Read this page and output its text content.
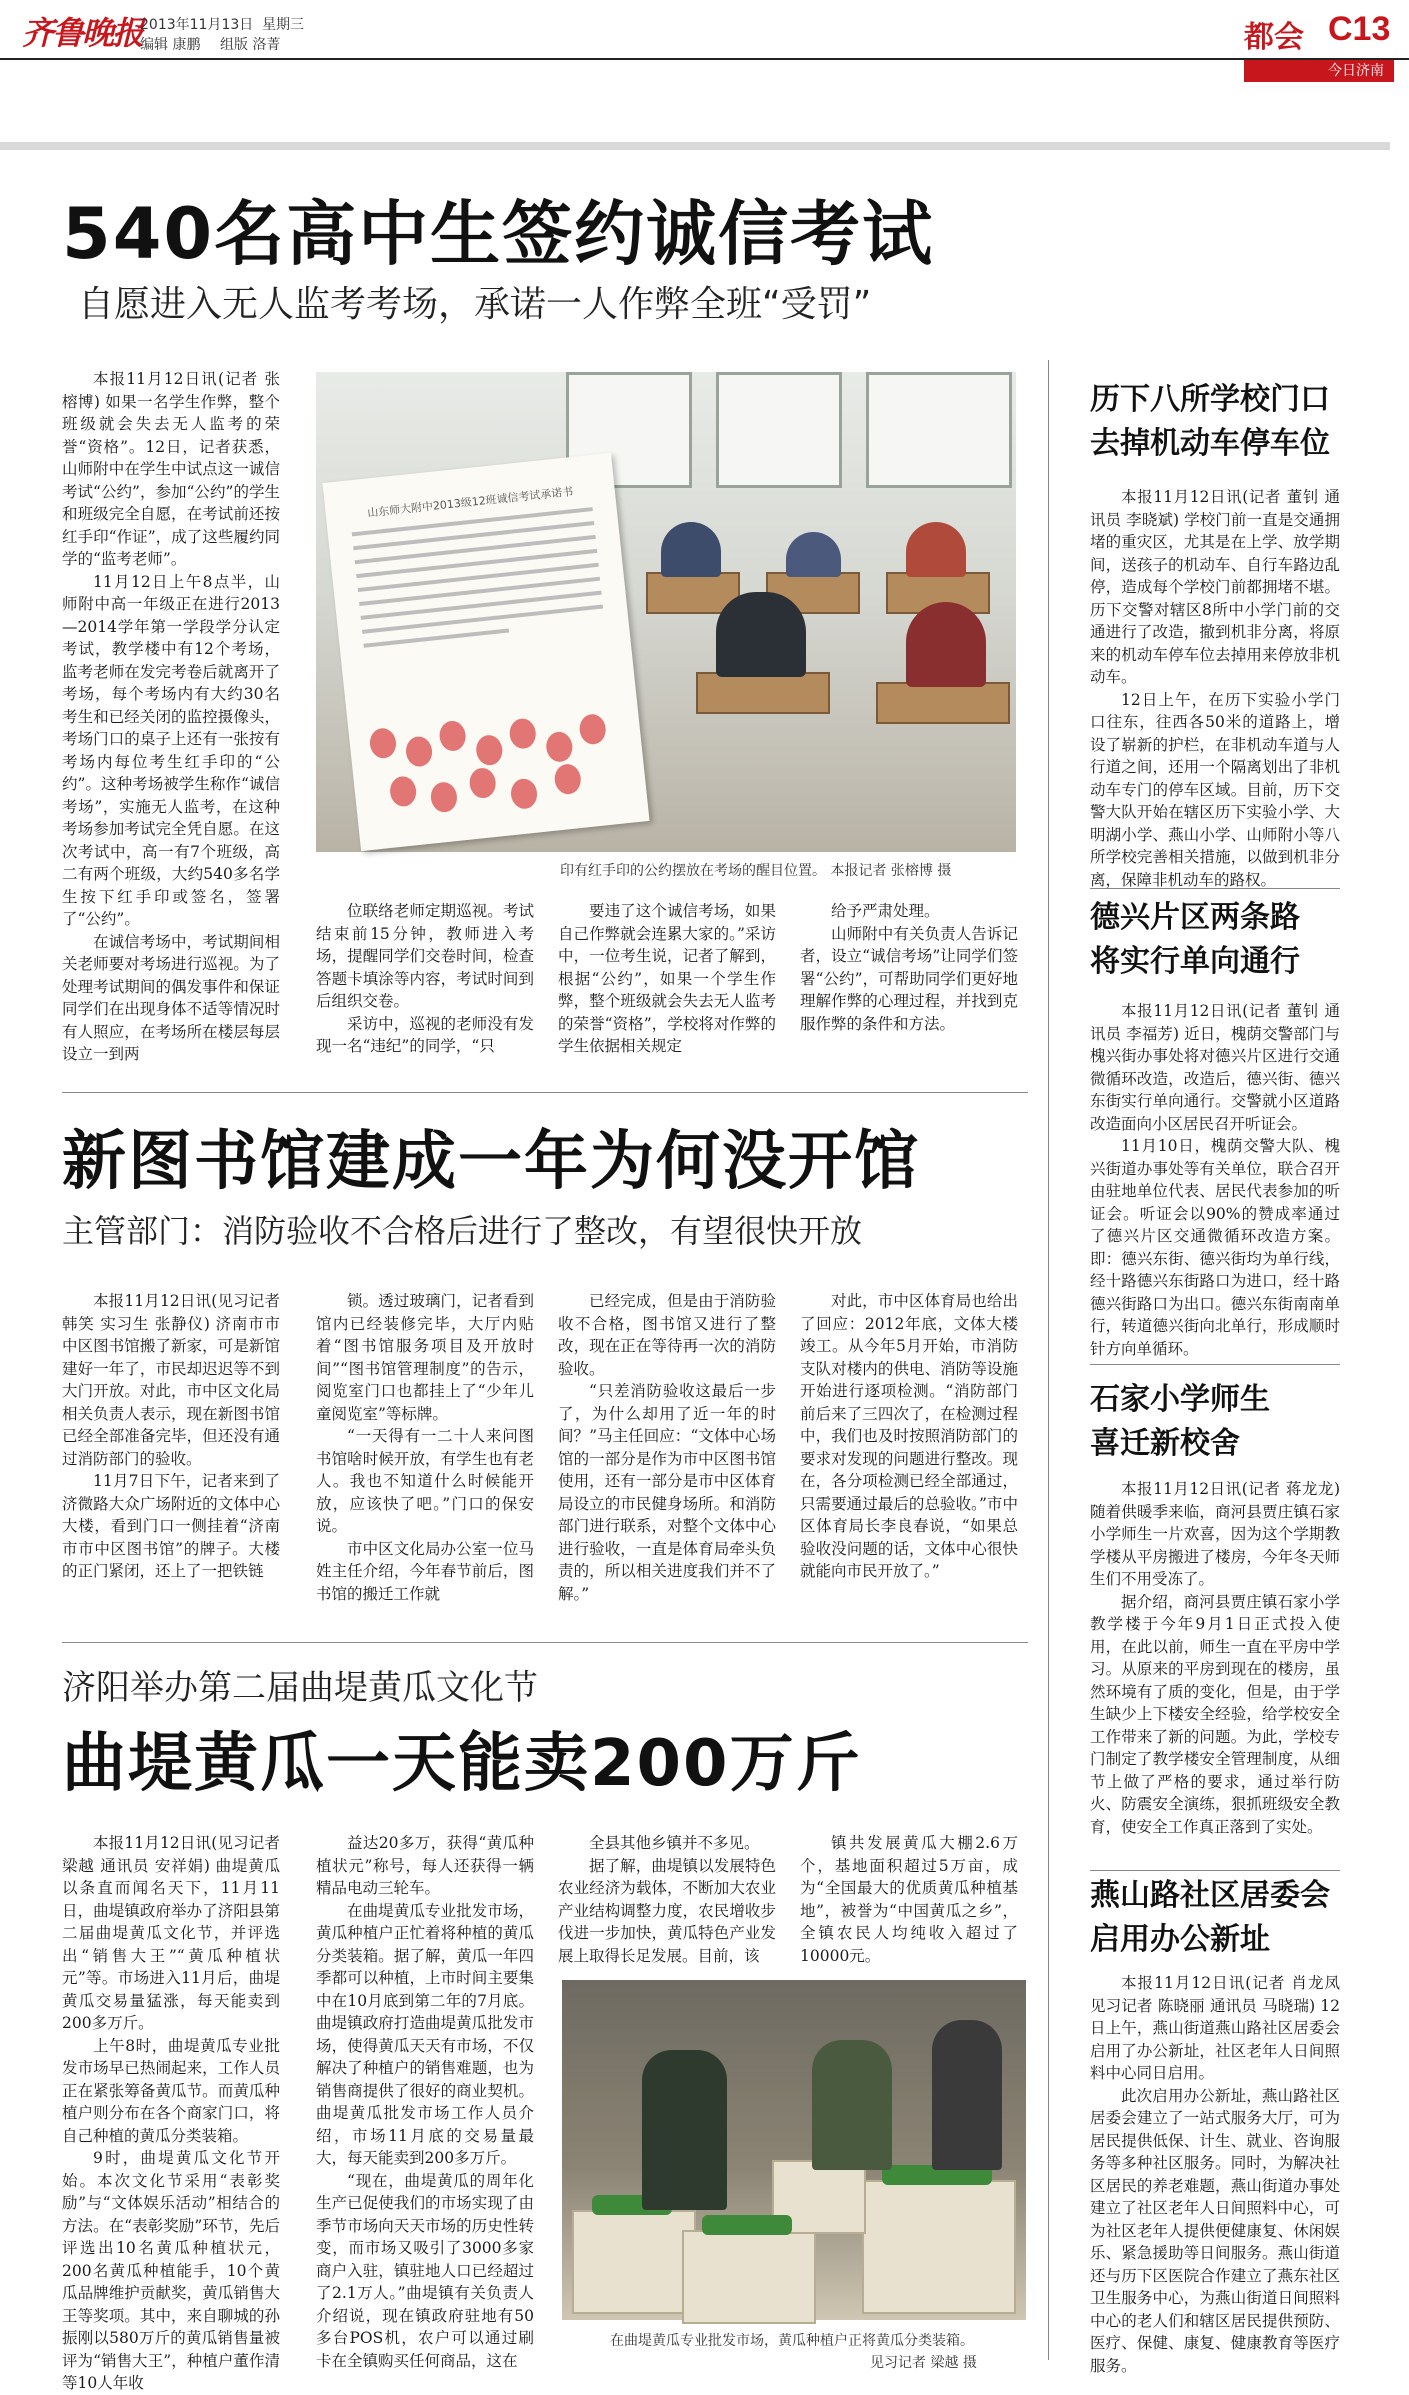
齐鲁晚报
2013年11月13日 星期三
编辑 康鹏 组版 洛菁	都会 C13
今日济南
540名高中生签约诚信考试
自愿进入无人监考考场，承诺一人作弊全班“受罚”

本报11月12日讯(记者 张榕博) 如果一名学生作弊，整个班级就会失去无人监考的荣誉“资格”。12日，记者获悉，山师附中在学生中试点这一诚信考试“公约”，参加“公约”的学生和班级完全自愿，在考试前还按红手印“作证”，成了这些履约同学的“监考老师”。

11月12日上午8点半，山师附中高一年级正在进行2013—2014学年第一学段学分认定考试，教学楼中有12个考场，监考老师在发完考卷后就离开了考场，每个考场内有大约30名考生和已经关闭的监控摄像头，考场门口的桌子上还有一张按有考场内每位考生红手印的“公约”。这种考场被学生称作“诚信考场”，实施无人监考，在这种考场参加考试完全凭自愿。在这次考试中，高一有7个班级，高二有两个班级，大约540多名学生按下红手印或签名，签署了“公约”。

在诚信考场中，考试期间相关老师要对考场进行巡视。为了处理考试期间的偶发事件和保证同学们在出现身体不适等情况时有人照应，在考场所在楼层每层设立一到两

山东师大附中2013级12班诚信考试承诺书
印有红手印的公约摆放在考场的醒目位置。 本报记者 张榕博 摄

位联络老师定期巡视。考试结束前15分钟，教师进入考场，提醒同学们交卷时间，检查答题卡填涂等内容，考试时间到后组织交卷。

采访中，巡视的老师没有发现一名“违纪”的同学，“只

要违了这个诚信考场，如果自己作弊就会连累大家的。”采访中，一位考生说，记者了解到，根据“公约”，如果一个学生作弊，整个班级就会失去无人监考的荣誉“资格”，学校将对作弊的学生依据相关规定

给予严肃处理。

山师附中有关负责人告诉记者，设立“诚信考场”让同学们签署“公约”，可帮助同学们更好地理解作弊的心理过程，并找到克服作弊的条件和方法。

新图书馆建成一年为何没开馆
主管部门：消防验收不合格后进行了整改，有望很快开放

本报11月12日讯(见习记者 韩笑 实习生 张静仪) 济南市市中区图书馆搬了新家，可是新馆建好一年了，市民却迟迟等不到大门开放。对此，市中区文化局相关负责人表示，现在新图书馆已经全部准备完毕，但还没有通过消防部门的验收。

11月7日下午，记者来到了济微路大众广场附近的文体中心大楼，看到门口一侧挂着“济南市市中区图书馆”的牌子。大楼的正门紧闭，还上了一把铁链

锁。透过玻璃门，记者看到馆内已经装修完毕，大厅内贴着“图书馆服务项目及开放时间”“图书馆管理制度”的告示，阅览室门口也都挂上了“少年儿童阅览室”等标牌。

“一天得有一二十人来问图书馆啥时候开放，有学生也有老人。我也不知道什么时候能开放，应该快了吧。”门口的保安说。

市中区文化局办公室一位马姓主任介绍，今年春节前后，图书馆的搬迁工作就

已经完成，但是由于消防验收不合格，图书馆又进行了整改，现在正在等待再一次的消防验收。

“只差消防验收这最后一步了，为什么却用了近一年的时间？”马主任回应：“文体中心场馆的一部分是作为市中区图书馆使用，还有一部分是市中区体育局设立的市民健身场所。和消防部门进行联系，对整个文体中心进行验收，一直是体育局牵头负责的，所以相关进度我们并不了解。”

对此，市中区体育局也给出了回应：2012年底，文体大楼竣工。从今年5月开始，市消防支队对楼内的供电、消防等设施开始进行逐项检测。“消防部门前后来了三四次了，在检测过程中，我们也及时按照消防部门的要求对发现的问题进行整改。现在，各分项检测已经全部通过，只需要通过最后的总验收。”市中区体育局长李良春说，“如果总验收没问题的话，文体中心很快就能向市民开放了。”

济阳举办第二届曲堤黄瓜文化节
曲堤黄瓜一天能卖200万斤

本报11月12日讯(见习记者 梁越 通讯员 安祥娟) 曲堤黄瓜以条直而闻名天下，11月11日，曲堤镇政府举办了济阳县第二届曲堤黄瓜文化节，并评选出“销售大王”“黄瓜种植状元”等。市场进入11月后，曲堤黄瓜交易量猛涨，每天能卖到200多万斤。

上午8时，曲堤黄瓜专业批发市场早已热闹起来，工作人员正在紧张筹备黄瓜节。而黄瓜种植户则分布在各个商家门口，将自己种植的黄瓜分类装箱。

9时，曲堤黄瓜文化节开始。本次文化节采用“表彰奖励”与“文体娱乐活动”相结合的方法。在“表彰奖励”环节，先后评选出10名黄瓜种植状元，200名黄瓜种植能手，10个黄瓜品牌维护贡献奖，黄瓜销售大王等奖项。其中，来自聊城的孙振刚以580万斤的黄瓜销售量被评为“销售大王”，种植户董作清等10人年收

益达20多万，获得“黄瓜种植状元”称号，每人还获得一辆精品电动三轮车。

在曲堤黄瓜专业批发市场，黄瓜种植户正忙着将种植的黄瓜分类装箱。据了解，黄瓜一年四季都可以种植，上市时间主要集中在10月底到第二年的7月底。曲堤镇政府打造曲堤黄瓜批发市场，使得黄瓜天天有市场，不仅解决了种植户的销售难题，也为销售商提供了很好的商业契机。曲堤黄瓜批发市场工作人员介绍，市场11月底的交易量最大，每天能卖到200多万斤。

“现在，曲堤黄瓜的周年化生产已促使我们的市场实现了由季节市场向天天市场的历史性转变，而市场又吸引了3000多家商户入驻，镇驻地人口已经超过了2.1万人。”曲堤镇有关负责人介绍说，现在镇政府驻地有50多台POS机，农户可以通过刷卡在全镇购买任何商品，这在

全县其他乡镇并不多见。

据了解，曲堤镇以发展特色农业经济为载体，不断加大农业产业结构调整力度，农民增收步伐进一步加快，黄瓜特色产业发展上取得长足发展。目前，该

镇共发展黄瓜大棚2.6万个，基地面积超过5万亩，成为“全国最大的优质黄瓜种植基地”，被誉为“中国黄瓜之乡”，全镇农民人均纯收入超过了10000元。

在曲堤黄瓜专业批发市场，黄瓜种植户正将黄瓜分类装箱。
见习记者 梁越 摄
历下八所学校门口
去掉机动车停车位

本报11月12日讯(记者 董钊 通讯员 李晓斌) 学校门前一直是交通拥堵的重灾区，尤其是在上学、放学期间，送孩子的机动车、自行车路边乱停，造成每个学校门前都拥堵不堪。历下交警对辖区8所中小学门前的交通进行了改造，撤到机非分离，将原来的机动车停车位去掉用来停放非机动车。

12日上午，在历下实验小学门口往东，往西各50米的道路上，增设了崭新的护栏，在非机动车道与人行道之间，还用一个隔离划出了非机动车专门的停车区域。目前，历下交警大队开始在辖区历下实验小学、大明湖小学、燕山小学、山师附小等八所学校完善相关措施，以做到机非分离，保障非机动车的路权。

德兴片区两条路
将实行单向通行

本报11月12日讯(记者 董钊 通讯员 李福芳) 近日，槐荫交警部门与槐兴街办事处将对德兴片区进行交通微循环改造，改造后，德兴街、德兴东街实行单向通行。交警就小区道路改造面向小区居民召开听证会。

11月10日，槐荫交警大队、槐兴街道办事处等有关单位，联合召开由驻地单位代表、居民代表参加的听证会。听证会以90%的赞成率通过了德兴片区交通微循环改造方案。即：德兴东街、德兴街均为单行线，经十路德兴东街路口为进口，经十路德兴街路口为出口。德兴东街南南单行，转道德兴街向北单行，形成顺时针方向单循环。

石家小学师生
喜迁新校舍

本报11月12日讯(记者 蒋龙龙) 随着供暖季来临，商河县贾庄镇石家小学师生一片欢喜，因为这个学期教学楼从平房搬进了楼房，今年冬天师生们不用受冻了。

据介绍，商河县贾庄镇石家小学教学楼于今年9月1日正式投入使用，在此以前，师生一直在平房中学习。从原来的平房到现在的楼房，虽然环境有了质的变化，但是，由于学生缺少上下楼安全经验，给学校安全工作带来了新的问题。为此，学校专门制定了教学楼安全管理制度，从细节上做了严格的要求，通过举行防火、防震安全演练，狠抓班级安全教育，使安全工作真正落到了实处。

燕山路社区居委会
启用办公新址

本报11月12日讯(记者 肖龙凤 见习记者 陈晓丽 通讯员 马晓瑞) 12日上午，燕山街道燕山路社区居委会启用了办公新址，社区老年人日间照料中心同日启用。

此次启用办公新址，燕山路社区居委会建立了一站式服务大厅，可为居民提供低保、计生、就业、咨询服务等多种社区服务。同时，为解决社区居民的养老难题，燕山街道办事处建立了社区老年人日间照料中心，可为社区老年人提供便健康复、休闲娱乐、紧急援助等日间服务。燕山街道还与历下区医院合作建立了燕东社区卫生服务中心，为燕山街道日间照料中心的老人们和辖区居民提供预防、医疗、保健、康复、健康教育等医疗服务。
